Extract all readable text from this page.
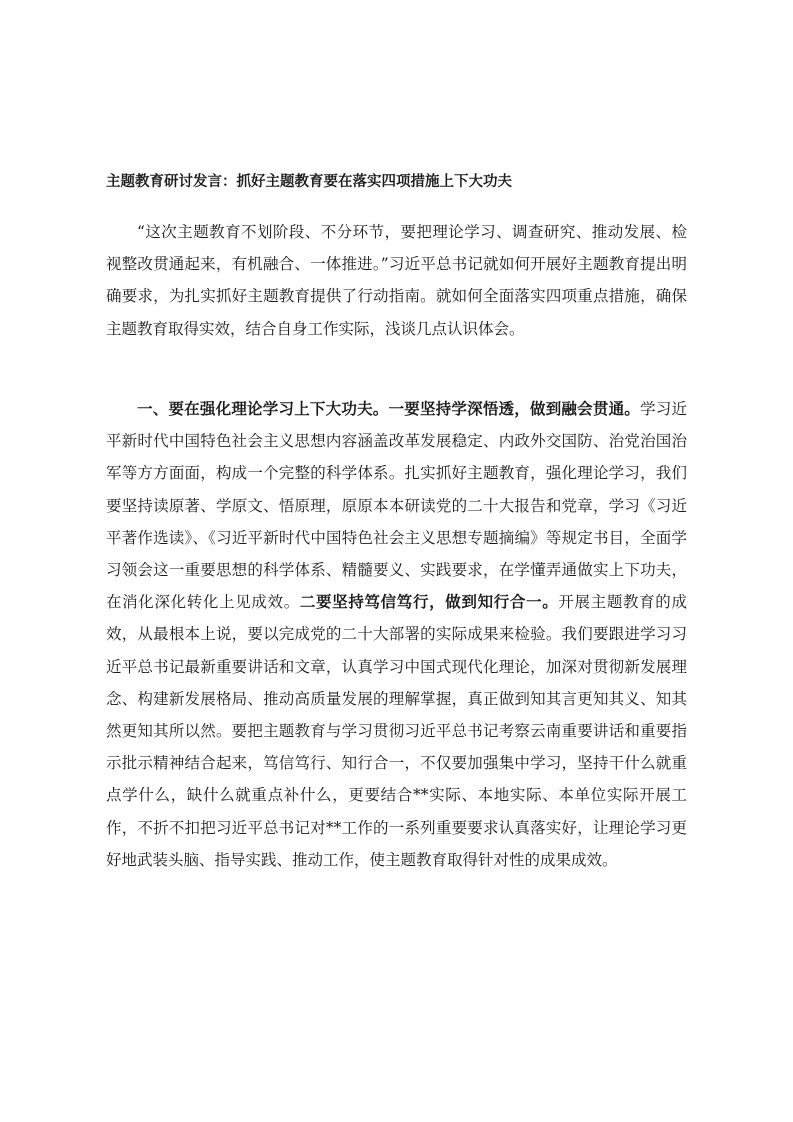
主题教育研讨发言：抓好主题教育要在落实四项措施上下大功夫

“这次主题教育不划阶段、不分环节，要把理论学习、调查研究、推动发展、检视整改贯通起来，有机融合、一体推进。”习近平总书记就如何开展好主题教育提出明确要求，为扎实抓好主题教育提供了行动指南。就如何全面落实四项重点措施，确保主题教育取得实效，结合自身工作实际，浅谈几点认识体会。

一、要在强化理论学习上下大功夫。一要坚持学深悟透，做到融会贯通。学习近平新时代中国特色社会主义思想内容涵盖改革发展稳定、内政外交国防、治党治国治军等方方面面，构成一个完整的科学体系。扎实抓好主题教育，强化理论学习，我们要坚持读原著、学原文、悟原理，原原本本研读党的二十大报告和党章，学习《习近平著作选读》、《习近平新时代中国特色社会主义思想专题摘编》等规定书目，全面学习领会这一重要思想的科学体系、精髓要义、实践要求，在学懂弄通做实上下功夫，在消化深化转化上见成效。二要坚持笃信笃行，做到知行合一。开展主题教育的成效，从最根本上说，要以完成党的二十大部署的实际成果来检验。我们要跟进学习习近平总书记最新重要讲话和文章，认真学习中国式现代化理论，加深对贯彻新发展理念、构建新发展格局、推动高质量发展的理解掌握，真正做到知其言更知其义、知其然更知其所以然。要把主题教育与学习贯彻习近平总书记考察云南重要讲话和重要指示批示精神结合起来，笃信笃行、知行合一，不仅要加强集中学习，坚持干什么就重点学什么，缺什么就重点补什么，更要结合**实际、本地实际、本单位实际开展工作，不折不扣把习近平总书记对**工作的一系列重要要求认真落实好，让理论学习更好地武装头脑、指导实践、推动工作，使主题教育取得针对性的成果成效。
